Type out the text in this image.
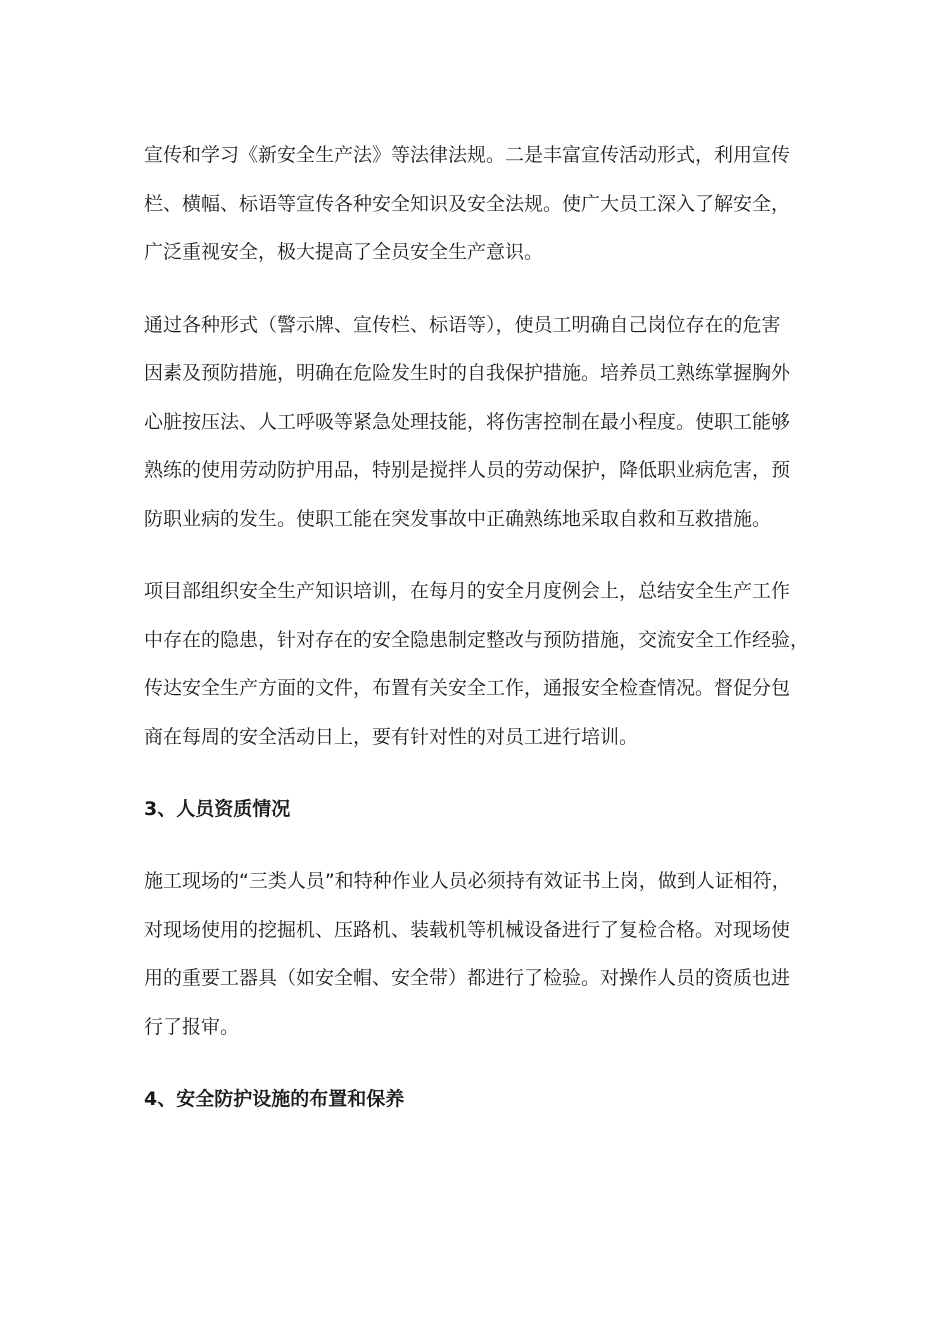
宣传和学习《新安全生产法》等法律法规。二是丰富宣传活动形式，利用宣传
栏、横幅、标语等宣传各种安全知识及安全法规。使广大员工深入了解安全，
广泛重视安全，极大提高了全员安全生产意识。

通过各种形式（警示牌、宣传栏、标语等），使员工明确自己岗位存在的危害
因素及预防措施，明确在危险发生时的自我保护措施。培养员工熟练掌握胸外
心脏按压法、人工呼吸等紧急处理技能，将伤害控制在最小程度。使职工能够
熟练的使用劳动防护用品，特别是搅拌人员的劳动保护，降低职业病危害，预
防职业病的发生。使职工能在突发事故中正确熟练地采取自救和互救措施。

项目部组织安全生产知识培训，在每月的安全月度例会上，总结安全生产工作
中存在的隐患，针对存在的安全隐患制定整改与预防措施，交流安全工作经验，
传达安全生产方面的文件，布置有关安全工作，通报安全检查情况。督促分包
商在每周的安全活动日上，要有针对性的对员工进行培训。

3、人员资质情况

施工现场的“三类人员”和特种作业人员必须持有效证书上岗，做到人证相符，
对现场使用的挖掘机、压路机、装载机等机械设备进行了复检合格。对现场使
用的重要工器具（如安全帽、安全带）都进行了检验。对操作人员的资质也进
行了报审。

4、安全防护设施的布置和保养
